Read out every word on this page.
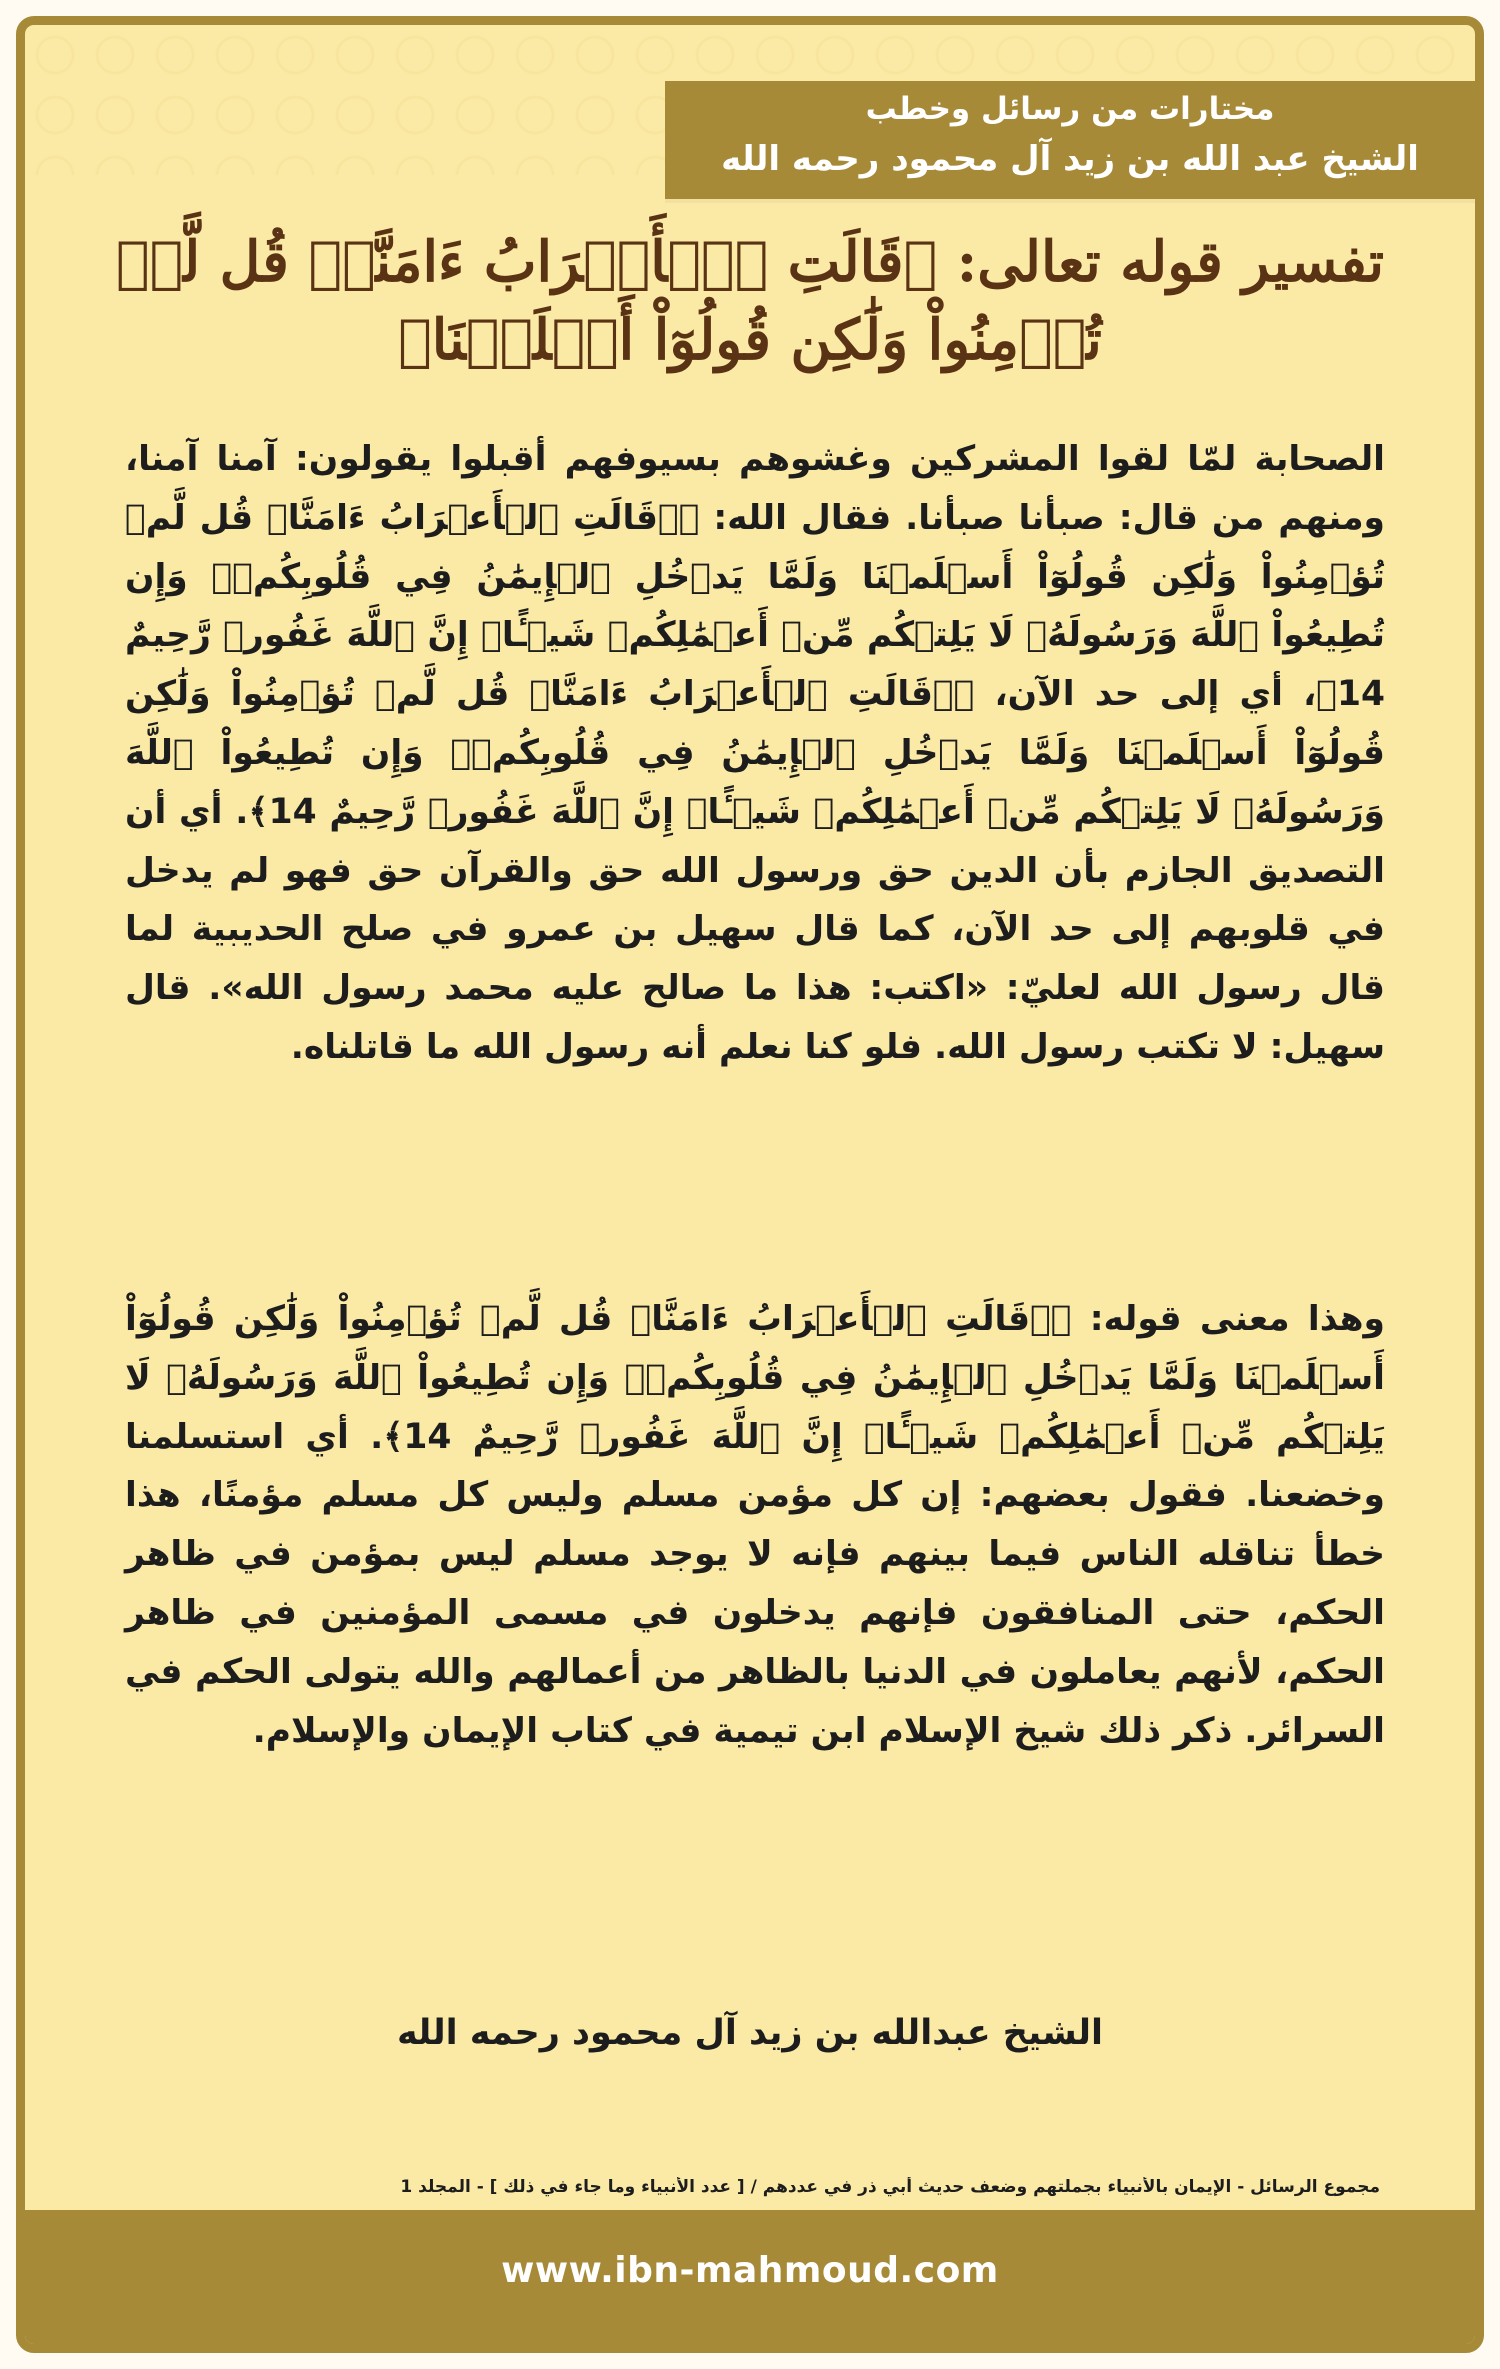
مختارات من رسائل وخطب
الشيخ عبد الله بن زيد آل محمود رحمه الله
تفسير قوله تعالى: ﴿قَالَتِ ٱلۡأَعۡرَابُ ءَامَنَّاۖ قُل لَّمۡ تُؤۡمِنُواْ وَلَٰكِن قُولُوٓاْ أَسۡلَمۡنَا﴾
الصحابة لمّا لقوا المشركين وغشوهم بسيوفهم أقبلوا يقولون: آمنا آمنا، ومنهم من قال: صبأنا صبأنا. فقال الله: ﴿۞قَالَتِ ٱلۡأَعۡرَابُ ءَامَنَّاۖ قُل لَّمۡ تُؤۡمِنُواْ وَلَٰكِن قُولُوٓاْ أَسۡلَمۡنَا وَلَمَّا يَدۡخُلِ ٱلۡإِيمَٰنُ فِي قُلُوبِكُمۡۖ وَإِن تُطِيعُواْ ٱللَّهَ وَرَسُولَهُۥ لَا يَلِتۡكُم مِّنۡ أَعۡمَٰلِكُمۡ شَيۡـًٔاۚ إِنَّ ٱللَّهَ غَفُورٞ رَّحِيمٌ 14﴾، أي إلى حد الآن، ﴿۞قَالَتِ ٱلۡأَعۡرَابُ ءَامَنَّاۖ قُل لَّمۡ تُؤۡمِنُواْ وَلَٰكِن قُولُوٓاْ أَسۡلَمۡنَا وَلَمَّا يَدۡخُلِ ٱلۡإِيمَٰنُ فِي قُلُوبِكُمۡۖ وَإِن تُطِيعُواْ ٱللَّهَ وَرَسُولَهُۥ لَا يَلِتۡكُم مِّنۡ أَعۡمَٰلِكُمۡ شَيۡـًٔاۚ إِنَّ ٱللَّهَ غَفُورٞ رَّحِيمٌ 14﴾. أي أن التصديق الجازم بأن الدين حق ورسول الله حق والقرآن حق فهو لم يدخل في قلوبهم إلى حد الآن، كما قال سهيل بن عمرو في صلح الحديبية لما قال رسول الله لعليّ: «اكتب: هذا ما صالح عليه محمد رسول الله». قال سهيل: لا تكتب رسول الله. فلو كنا نعلم أنه رسول الله ما قاتلناه.
وهذا معنى قوله: ﴿۞قَالَتِ ٱلۡأَعۡرَابُ ءَامَنَّاۖ قُل لَّمۡ تُؤۡمِنُواْ وَلَٰكِن قُولُوٓاْ أَسۡلَمۡنَا وَلَمَّا يَدۡخُلِ ٱلۡإِيمَٰنُ فِي قُلُوبِكُمۡۖ وَإِن تُطِيعُواْ ٱللَّهَ وَرَسُولَهُۥ لَا يَلِتۡكُم مِّنۡ أَعۡمَٰلِكُمۡ شَيۡـًٔاۚ إِنَّ ٱللَّهَ غَفُورٞ رَّحِيمٌ 14﴾. أي استسلمنا وخضعنا. فقول بعضهم: إن كل مؤمن مسلم وليس كل مسلم مؤمنًا، هذا خطأ تناقله الناس فيما بينهم فإنه لا يوجد مسلم ليس بمؤمن في ظاهر الحكم، حتى المنافقون فإنهم يدخلون في مسمى المؤمنين في ظاهر الحكم، لأنهم يعاملون في الدنيا بالظاهر من أعمالهم والله يتولى الحكم في السرائر. ذكر ذلك شيخ الإسلام ابن تيمية في كتاب الإيمان والإسلام.
الشيخ عبدالله بن زيد آل محمود رحمه الله
مجموع الرسائل - الإيمان بالأنبياء بجملتهم وضعف حديث أبي ذر في عددهم / [ عدد الأنبياء وما جاء في ذلك ] - المجلد 1
www.ibn-mahmoud.com
